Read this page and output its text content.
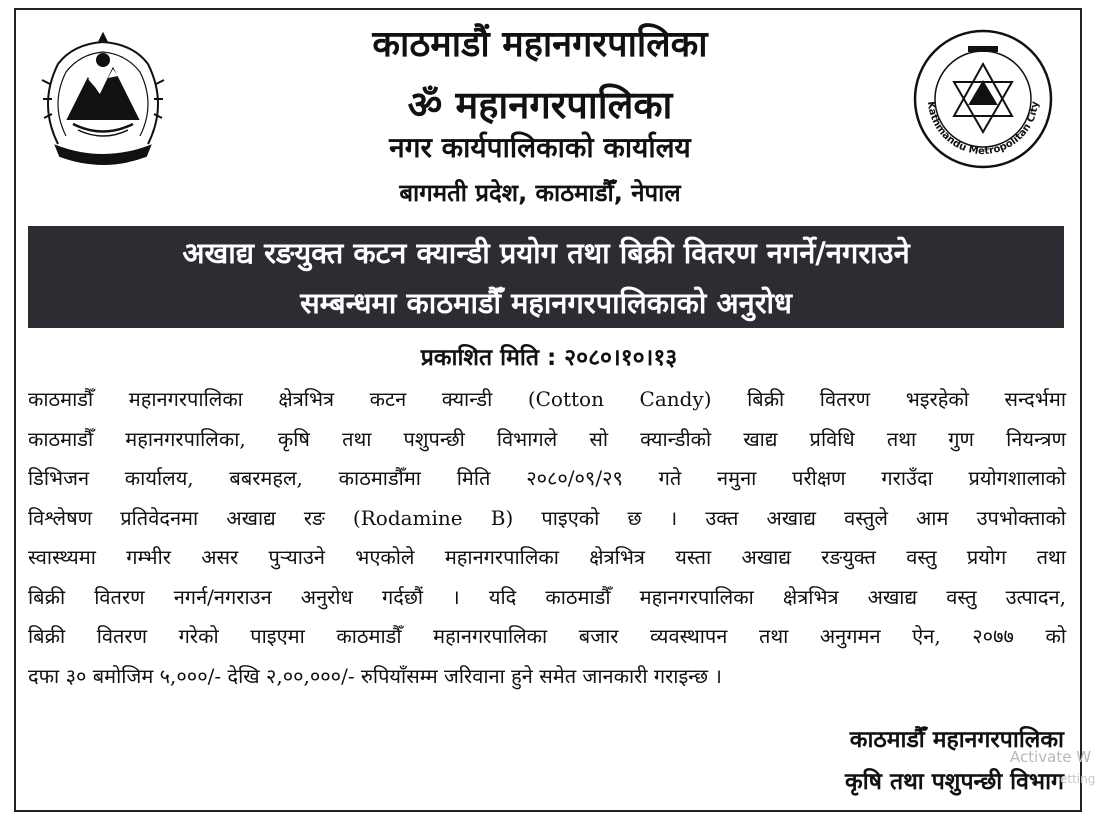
Kathmandu Metropolitan City
काठमाडौं महानगरपालिका
ॐ महानगरपालिका
नगर कार्यपालिकाको कार्यालय
बागमती प्रदेश, काठमाडौँ, नेपाल
अखाद्य रङयुक्त कटन क्यान्डी प्रयोग तथा बिक्री वितरण नगर्ने/नगराउने
सम्बन्धमा काठमाडौँ महानगरपालिकाको अनुरोध
प्रकाशित मिति : २०८०।१०।१३
काठमाडौँ महानगरपालिका क्षेत्रभित्र कटन क्यान्डी (Cotton Candy) बिक्री वितरण भइरहेको सन्दर्भमा
काठमाडौँ महानगरपालिका, कृषि तथा पशुपन्छी विभागले सो क्यान्डीको खाद्य प्रविधि तथा गुण नियन्त्रण
डिभिजन कार्यालय, बबरमहल, काठमाडौँमा मिति २०८०/०९/२९ गते नमुना परीक्षण गराउँदा प्रयोगशालाको
विश्लेषण प्रतिवेदनमा अखाद्य रङ (Rodamine B) पाइएको छ । उक्त अखाद्य वस्तुले आम उपभोक्ताको
स्वास्थ्यमा गम्भीर असर पुऱ्याउने भएकोले महानगरपालिका क्षेत्रभित्र यस्ता अखाद्य रङयुक्त वस्तु प्रयोग तथा
बिक्री वितरण नगर्न/नगराउन अनुरोध गर्दछौं । यदि काठमाडौँ महानगरपालिका क्षेत्रभित्र अखाद्य वस्तु उत्पादन,
बिक्री वितरण गरेको पाइएमा काठमाडौँ महानगरपालिका बजार व्यवस्थापन तथा अनुगमन ऐन, २०७७ को
दफा ३० बमोजिम ५,०००/- देखि २,००,०००/- रुपियाँसम्म जरिवाना हुने समेत जानकारी गराइन्छ ।
काठमाडौँ महानगरपालिका
कृषि तथा पशुपन्छी विभाग
Activate W
etting
